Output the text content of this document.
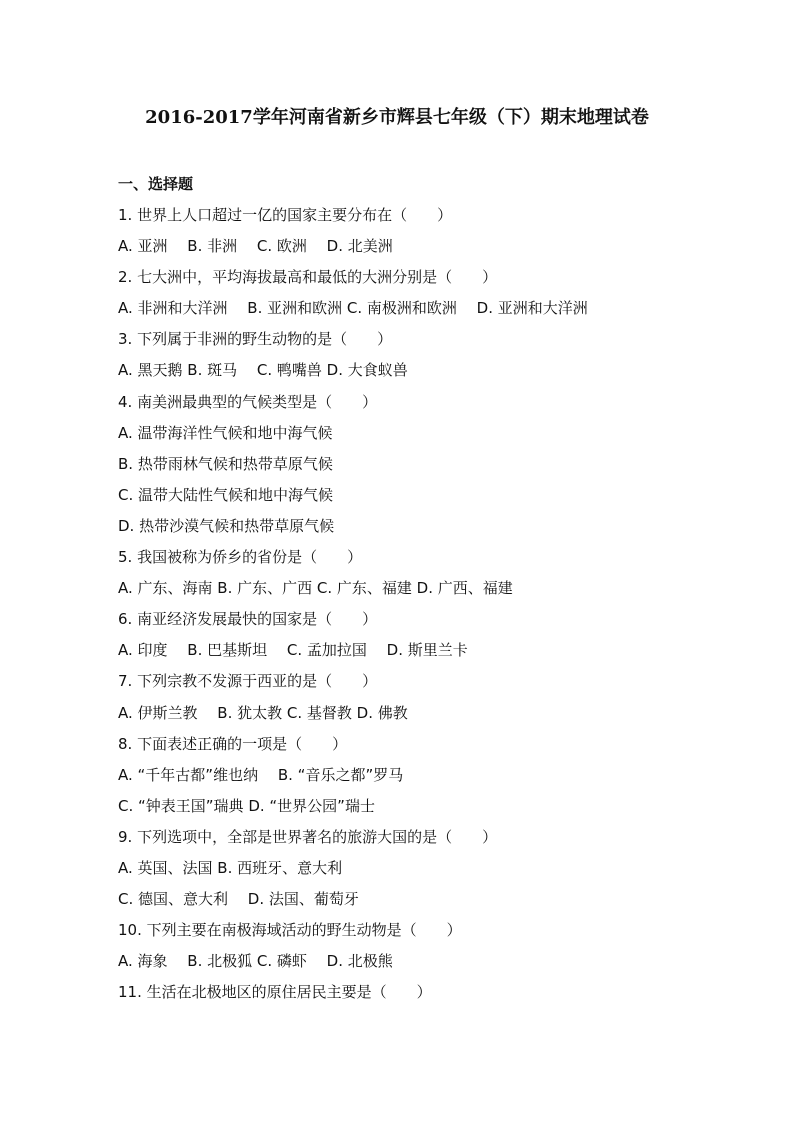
2016-2017学年河南省新乡市辉县七年级（下）期末地理试卷
一、选择题
1. 世界上人口超过一亿的国家主要分布在（　　）
A. 亚洲　 B. 非洲　 C. 欧洲　 D. 北美洲
2. 七大洲中，平均海拔最高和最低的大洲分别是（　　）
A. 非洲和大洋洲　 B. 亚洲和欧洲 C. 南极洲和欧洲　 D. 亚洲和大洋洲
3. 下列属于非洲的野生动物的是（　　）
A. 黑天鹅 B. 斑马　 C. 鸭嘴兽 D. 大食蚁兽
4. 南美洲最典型的气候类型是（　　）
A. 温带海洋性气候和地中海气候
B. 热带雨林气候和热带草原气候
C. 温带大陆性气候和地中海气候
D. 热带沙漠气候和热带草原气候
5. 我国被称为侨乡的省份是（　　）
A. 广东、海南 B. 广东、广西 C. 广东、福建 D. 广西、福建
6. 南亚经济发展最快的国家是（　　）
A. 印度　 B. 巴基斯坦　 C. 孟加拉国　 D. 斯里兰卡
7. 下列宗教不发源于西亚的是（　　）
A. 伊斯兰教　 B. 犹太教 C. 基督教 D. 佛教
8. 下面表述正确的一项是（　　）
A. “千年古都”维也纳　 B. “音乐之都”罗马
C. “钟表王国”瑞典 D. “世界公园”瑞士
9. 下列选项中，全部是世界著名的旅游大国的是（　　）
A. 英国、法国 B. 西班牙、意大利
C. 德国、意大利　 D. 法国、葡萄牙
10. 下列主要在南极海域活动的野生动物是（　　）
A. 海象　 B. 北极狐 C. 磷虾　 D. 北极熊
11. 生活在北极地区的原住居民主要是（　　）
